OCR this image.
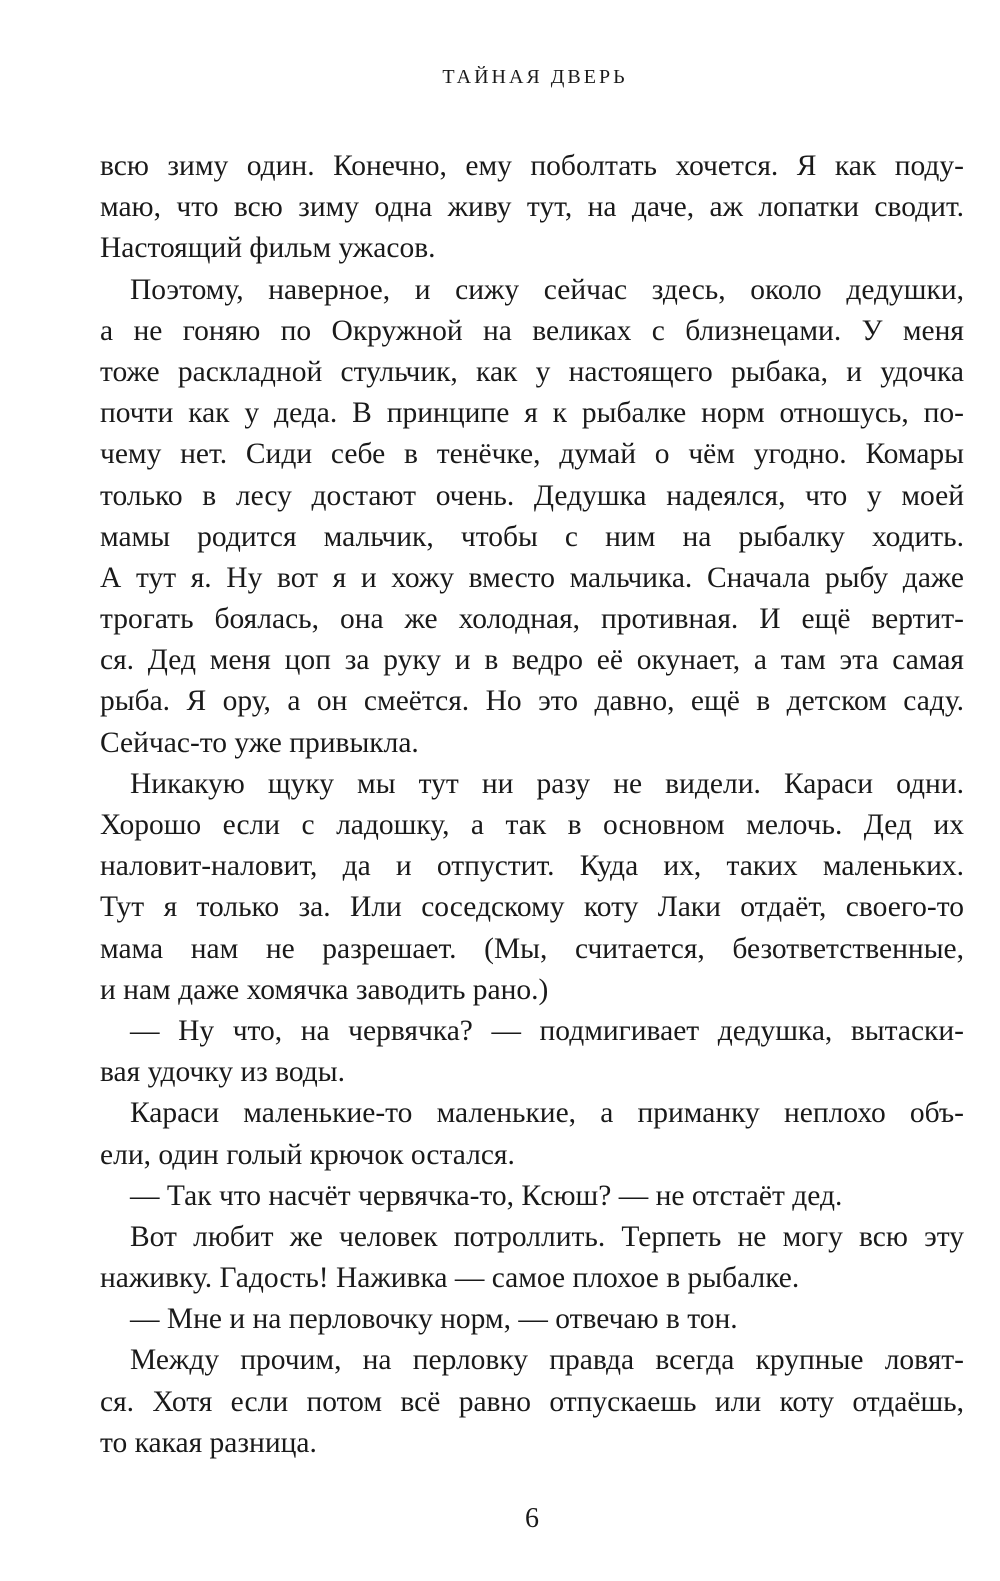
ТАЙНАЯ ДВЕРЬ
всю зиму один. Конечно, ему поболтать хочется. Я как поду-
маю, что всю зиму одна живу тут, на даче, аж лопатки сводит.
Настоящий фильм ужасов.
Поэтому, наверное, и сижу сейчас здесь, около дедушки,
а не гоняю по Окружной на великах с близнецами. У меня
тоже раскладной стульчик, как у настоящего рыбака, и удочка
почти как у деда. В принципе я к рыбалке норм отношусь, по-
чему нет. Сиди себе в тенёчке, думай о чём угодно. Комары
только в лесу достают очень. Дедушка надеялся, что у моей
мамы родится мальчик, чтобы с ним на рыбалку ходить.
А тут я. Ну вот я и хожу вместо мальчика. Сначала рыбу даже
трогать боялась, она же холодная, противная. И ещё вертит-
ся. Дед меня цоп за руку и в ведро её окунает, а там эта самая
рыба. Я ору, а он смеётся. Но это давно, ещё в детском саду.
Сейчас-то уже привыкла.
Никакую щуку мы тут ни разу не видели. Караси одни.
Хорошо если с ладошку, а так в основном мелочь. Дед их
наловит-наловит, да и отпустит. Куда их, таких маленьких.
Тут я только за. Или соседскому коту Лаки отдаёт, своего-то
мама нам не разрешает. (Мы, считается, безответственные,
и нам даже хомячка заводить рано.)
— Ну что, на червячка? — подмигивает дедушка, вытаски-
вая удочку из воды.
Караси маленькие-то маленькие, а приманку неплохо объ-
ели, один голый крючок остался.
— Так что насчёт червячка-то, Ксюш? — не отстаёт дед.
Вот любит же человек потроллить. Терпеть не могу всю эту
наживку. Гадость! Наживка — самое плохое в рыбалке.
— Мне и на перловочку норм, — отвечаю в тон.
Между прочим, на перловку правда всегда крупные ловят-
ся. Хотя если потом всё равно отпускаешь или коту отдаёшь,
то какая разница.
6
